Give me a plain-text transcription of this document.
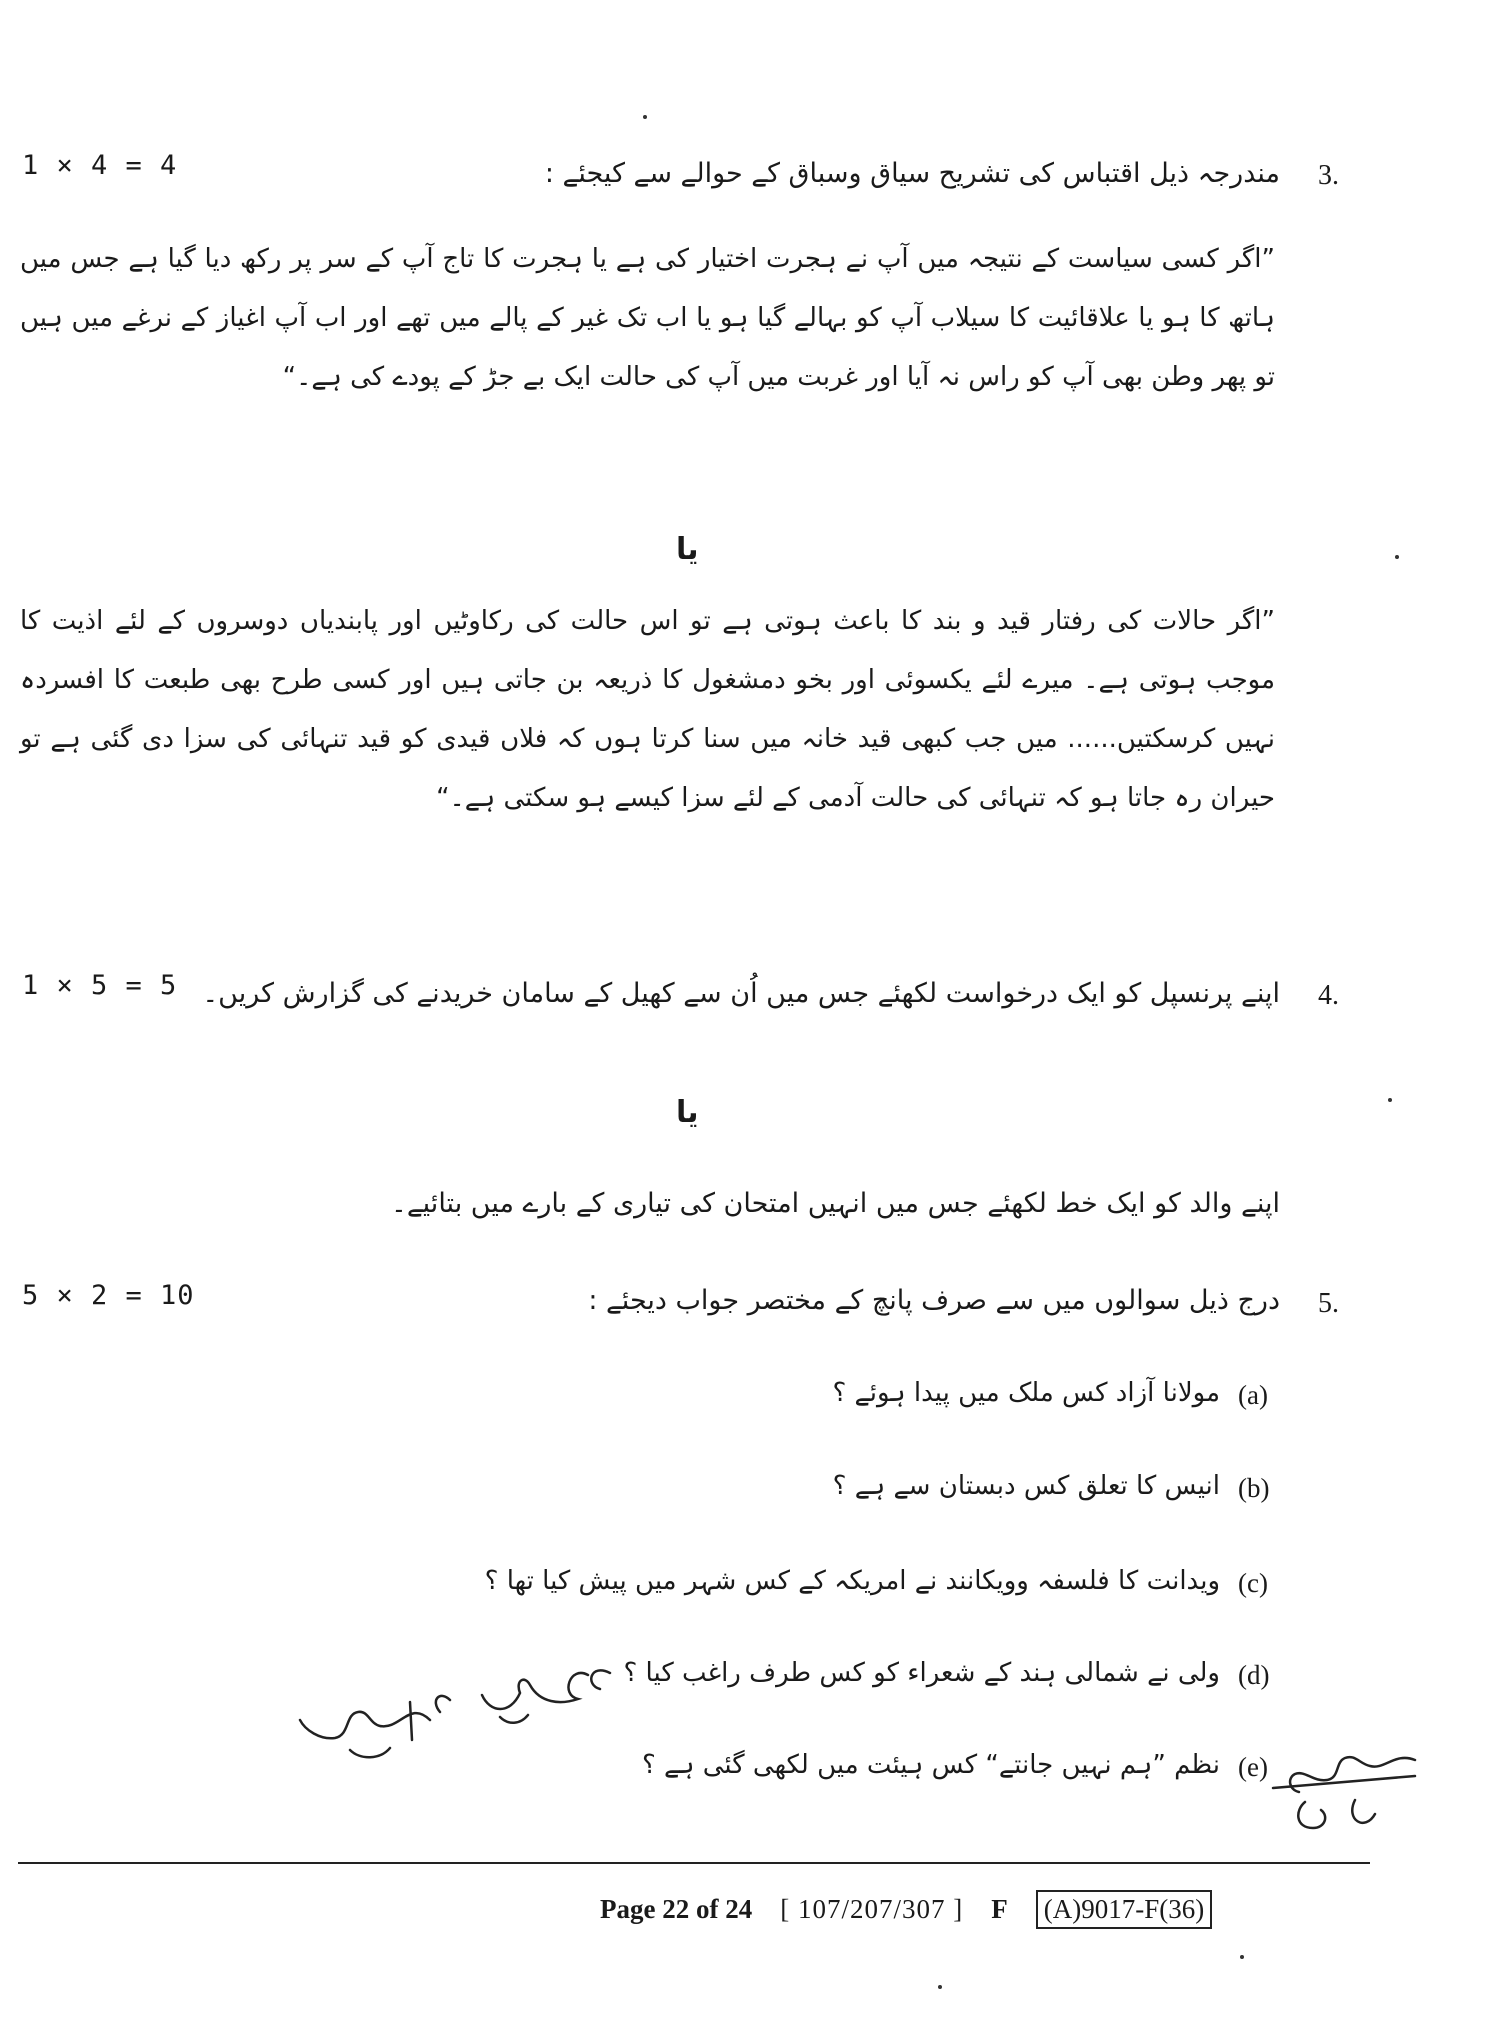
1 × 4 = 4	3.
مندرجہ ذیل اقتباس کی تشریح سیاق وسباق کے حوالے سے کیجئے :
”اگر کسی سیاست کے نتیجہ میں آپ نے ہجرت اختیار کی ہے یا ہجرت کا تاج آپ کے سر پر رکھ دیا گیا ہے جس میں ہاتھ کا ہو یا علاقائیت کا سیلاب آپ کو بہالے گیا ہو یا اب تک غیر کے پالے میں تھے اور اب آپ اغیاز کے نرغے میں ہیں تو پھر وطن بھی آپ کو راس نہ آیا اور غربت میں آپ کی حالت ایک بے جڑ کے پودے کی ہے۔“
یا
”اگر حالات کی رفتار قید و بند کا باعث ہوتی ہے تو اس حالت کی رکاوٹیں اور پابندیاں دوسروں کے لئے اذیت کا موجب ہوتی ہے۔ میرے لئے یکسوئی اور بخو دمشغول کا ذریعہ بن جاتی ہیں اور کسی طرح بھی طبعت کا افسردہ نہیں کرسکتیں...... میں جب کبھی قید خانہ میں سنا کرتا ہوں کہ فلاں قیدی کو قید تنہائی کی سزا دی گئی ہے تو حیران رہ جاتا ہو کہ تنہائی کی حالت آدمی کے لئے سزا کیسے ہو سکتی ہے۔“
1 × 5 = 5	4.
اپنے پرنسپل کو ایک درخواست لکھئے جس میں اُن سے کھیل کے سامان خریدنے کی گزارش کریں۔
یا
اپنے والد کو ایک خط لکھئے جس میں انہیں امتحان کی تیاری کے بارے میں بتائیے۔
5 × 2 = 10	5.
درج ذیل سوالوں میں سے صرف پانچ کے مختصر جواب دیجئے :
(a)
مولانا آزاد کس ملک میں پیدا ہوئے ؟
(b)
انیس کا تعلق کس دبستان سے ہے ؟
(c)
ویدانت کا فلسفہ وویکانند نے امریکہ کے کس شہر میں پیش کیا تھا ؟
(d)
ولی نے شمالی ہند کے شعراء کو کس طرف راغب کیا ؟
(e)
نظم ”ہم نہیں جانتے“ کس ہیئت میں لکھی گئی ہے ؟
Page 22 of 24 [ 107/207/307 ] F (A)9017-F(36)
